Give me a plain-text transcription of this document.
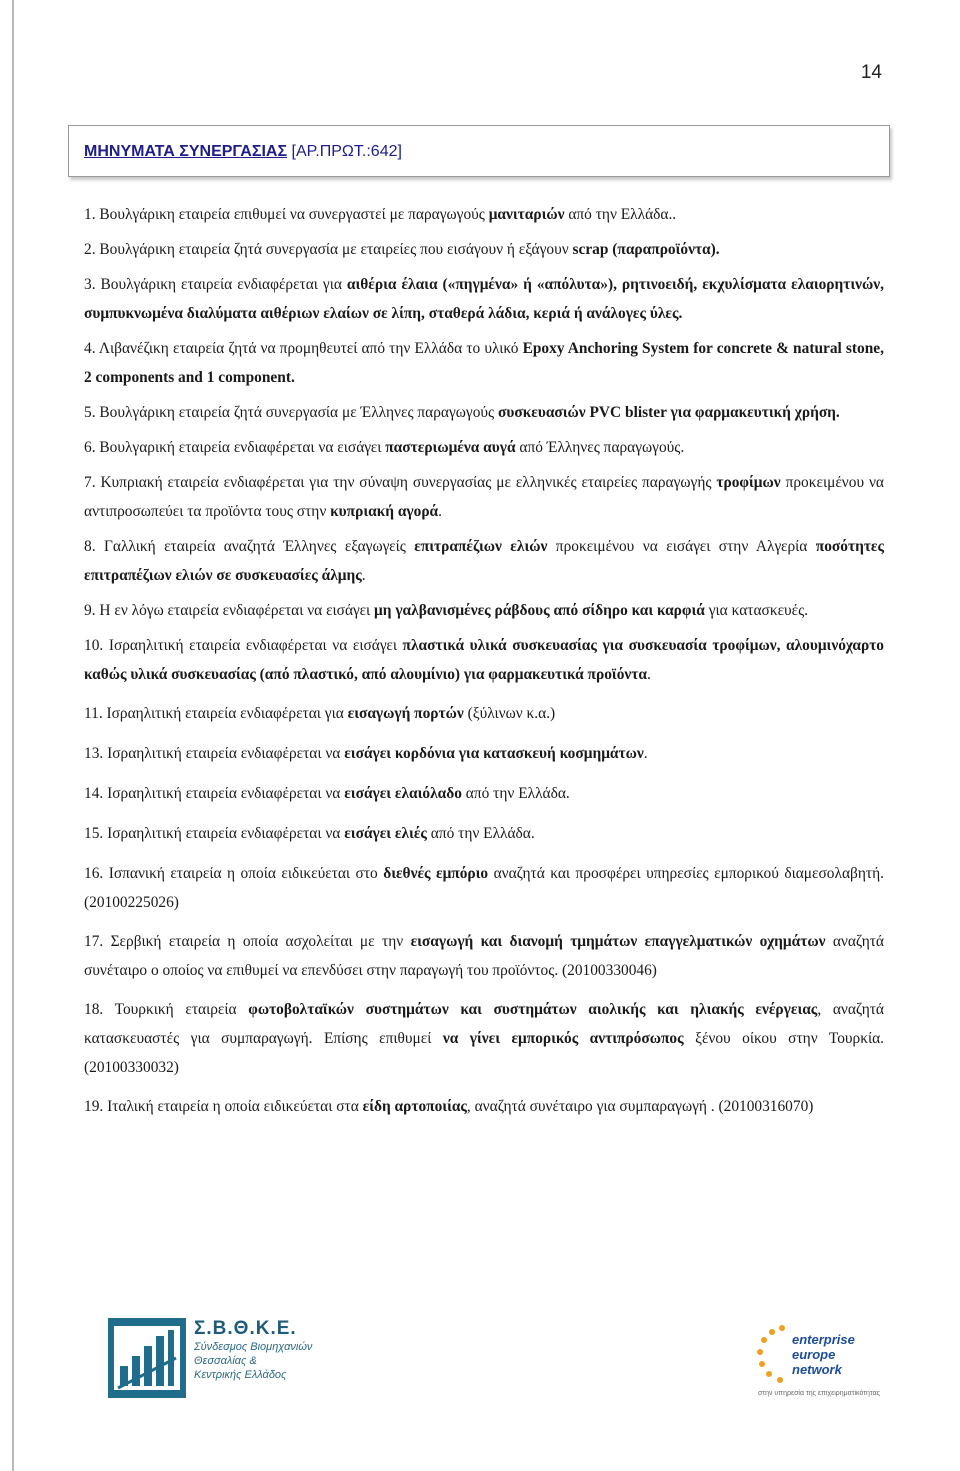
14
ΜΗΝΥΜΑΤΑ ΣΥΝΕΡΓΑΣΙΑΣ [ΑΡ.ΠΡΩΤ.:642]

1. Βουλγάρικη εταιρεία επιθυμεί να συνεργαστεί με παραγωγούς μανιταριών από την Ελλάδα..

2. Βουλγάρικη εταιρεία ζητά συνεργασία με εταιρείες που εισάγουν ή εξάγουν scrap (παραπροϊόντα).

3. Βουλγάρικη εταιρεία ενδιαφέρεται για αιθέρια έλαια («πηγμένα» ή «απόλυτα»), ρητινοειδή, εκχυλίσματα ελαιορητινών, συμπυκνωμένα διαλύματα αιθέριων ελαίων σε λίπη, σταθερά λάδια, κεριά ή ανάλογες ύλες.

4. Λιβανέζικη εταιρεία ζητά να προμηθευτεί από την Ελλάδα το υλικό Epoxy Anchoring System for concrete & natural stone, 2 components and 1 component.

5. Βουλγάρικη εταιρεία ζητά συνεργασία με Έλληνες παραγωγούς συσκευασιών PVC blister για φαρμακευτική χρήση.

6. Βουλγαρική εταιρεία ενδιαφέρεται να εισάγει παστεριωμένα αυγά από Έλληνες παραγωγούς.

7. Κυπριακή εταιρεία ενδιαφέρεται για την σύναψη συνεργασίας με ελληνικές εταιρείες παραγωγής τροφίμων προκειμένου να αντιπροσωπεύει τα προϊόντα τους στην κυπριακή αγορά.

8. Γαλλική εταιρεία αναζητά Έλληνες εξαγωγείς επιτραπέζιων ελιών προκειμένου να εισάγει στην Αλγερία ποσότητες επιτραπέζιων ελιών σε συσκευασίες άλμης.

9. Η εν λόγω εταιρεία ενδιαφέρεται να εισάγει μη γαλβανισμένες ράβδους από σίδηρο και καρφιά για κατασκευές.

10. Ισραηλιτική εταιρεία ενδιαφέρεται να εισάγει πλαστικά υλικά συσκευασίας για συσκευασία τροφίμων, αλουμινόχαρτο καθώς υλικά συσκευασίας (από πλαστικό, από αλουμίνιο) για φαρμακευτικά προϊόντα.

11. Ισραηλιτική εταιρεία ενδιαφέρεται για εισαγωγή πορτών (ξύλινων κ.α.)

13. Ισραηλιτική εταιρεία ενδιαφέρεται να εισάγει κορδόνια για κατασκευή κοσμημάτων.

14. Ισραηλιτική εταιρεία ενδιαφέρεται να εισάγει ελαιόλαδο από την Ελλάδα.

15. Ισραηλιτική εταιρεία ενδιαφέρεται να εισάγει ελιές από την Ελλάδα.

16. Ισπανική εταιρεία η οποία ειδικεύεται στο διεθνές εμπόριο αναζητά και προσφέρει υπηρεσίες εμπορικού διαμεσολαβητή. (20100225026)

17. Σερβική εταιρεία η οποία ασχολείται με την εισαγωγή και διανομή τμημάτων επαγγελματικών οχημάτων αναζητά συνέταιρο ο οποίος να επιθυμεί να επενδύσει στην παραγωγή του προϊόντος. (20100330046)

18. Τουρκική εταιρεία φωτοβολταϊκών συστημάτων και συστημάτων αιολικής και ηλιακής ενέργειας, αναζητά κατασκευαστές για συμπαραγωγή. Επίσης επιθυμεί να γίνει εμπορικός αντιπρόσωπος ξένου οίκου στην Τουρκία. (20100330032)

19. Ιταλική εταιρεία η οποία ειδικεύεται στα είδη αρτοποιίας, αναζητά συνέταιρο για συμπαραγωγή . (20100316070)

Σ.Β.Θ.Κ.Ε.
Σύνδεσμος Βιομηχανιών
Θεσσαλίας &
Κεντρικής Ελλάδος
enterprise
europe
network
στην υπηρεσία της επιχειρηματικότητας
